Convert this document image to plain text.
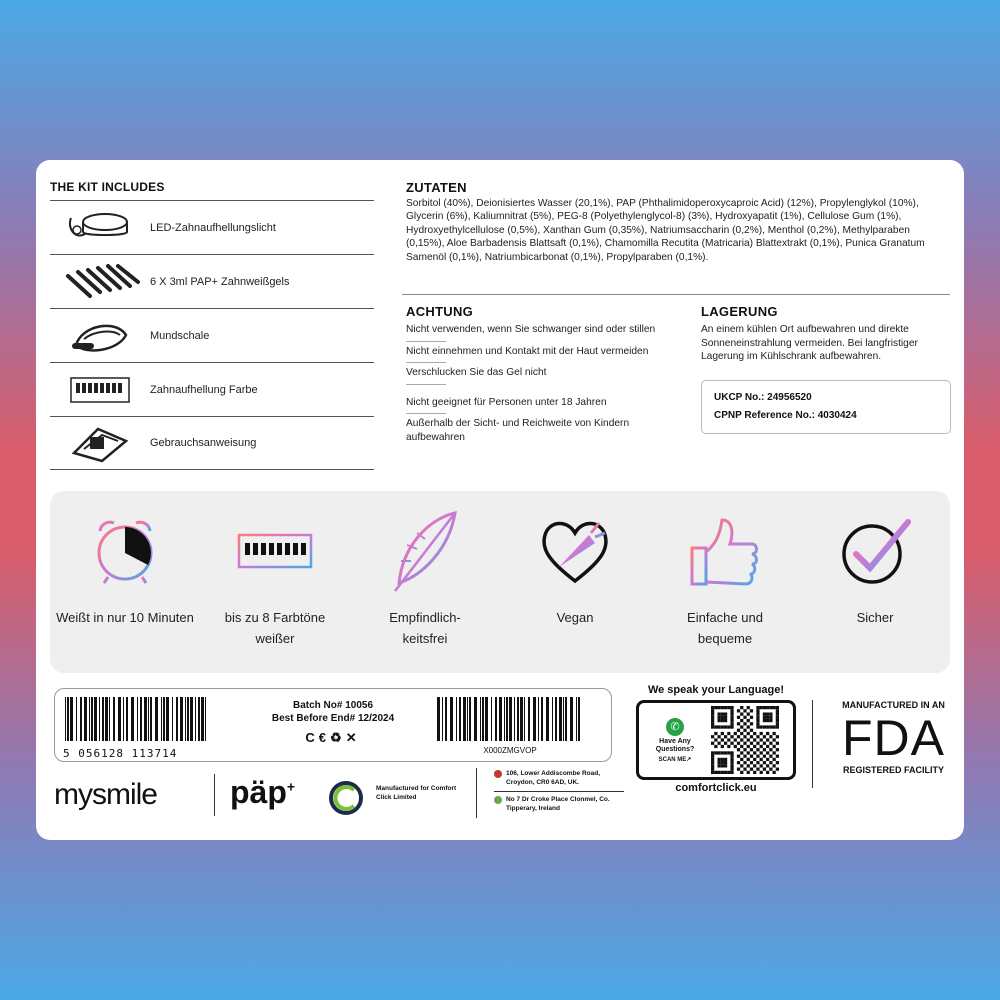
THE KIT INCLUDES
LED-Zahnaufhellungslicht
6 X 3ml PAP+ Zahnweißgels
Mundschale
Zahnaufhellung Farbe
Gebrauchsanweisung
ZUTATEN

Sorbitol (40%), Deionisiertes Wasser (20,1%), PAP (Phthalimidoperoxycaproic Acid) (12%), Propylenglykol (10%), Glycerin (6%), Kaliumnitrat (5%), PEG-8 (Polyethylenglycol-8) (3%), Hydroxyapatit (1%), Cellulose Gum (1%), Hydroxyethylcellulose (0,5%), Xanthan Gum (0,35%), Natriumsaccharin (0,2%), Menthol (0,2%), Methylparaben (0,15%), Aloe Barbadensis Blattsaft (0,1%), Chamomilla Recutita (Matricaria) Blattextrakt (0,1%), Punica Granatum Samenöl (0,1%), Natriumbicarbonat (0,1%), Propylparaben (0,1%).

ACHTUNG
Nicht verwenden, wenn Sie schwanger sind oder stillen
Nicht einnehmen und Kontakt mit der Haut vermeiden
Verschlucken Sie das Gel nicht
Nicht geeignet für Personen unter 18 Jahren
Außerhalb der Sicht- und Reichweite von Kindern aufbewahren
LAGERUNG

An einem kühlen Ort aufbewahren und direkte Sonneneinstrahlung vermeiden. Bei langfristiger Lagerung im Kühlschrank aufbewahren.

UKCP No.: 24956520
CPNP Reference No.: 4030424
Weißt in nur 10 Minuten	bis zu 8 Farbtöne weißer
Empfindlich-keitsfrei
Vegan	Einfache und bequeme
Sicher
5 056128 113714
Batch No# 10056
Best Before End# 12/2024
C€♻✕
X000ZMGVOP
mysmile päp+	Manufactured for Comfort Click Limited
106, Lower Addiscombe Road, Croydon, CR0 6AD, UK.
No 7 Dr Croke Place Clonmel, Co. Tipperary, Ireland
We speak your Language!
✆
Have Any Questions?
SCAN ME↗
comfortclick.eu
MANUFACTURED IN AN
FDA
REGISTERED FACILITY
